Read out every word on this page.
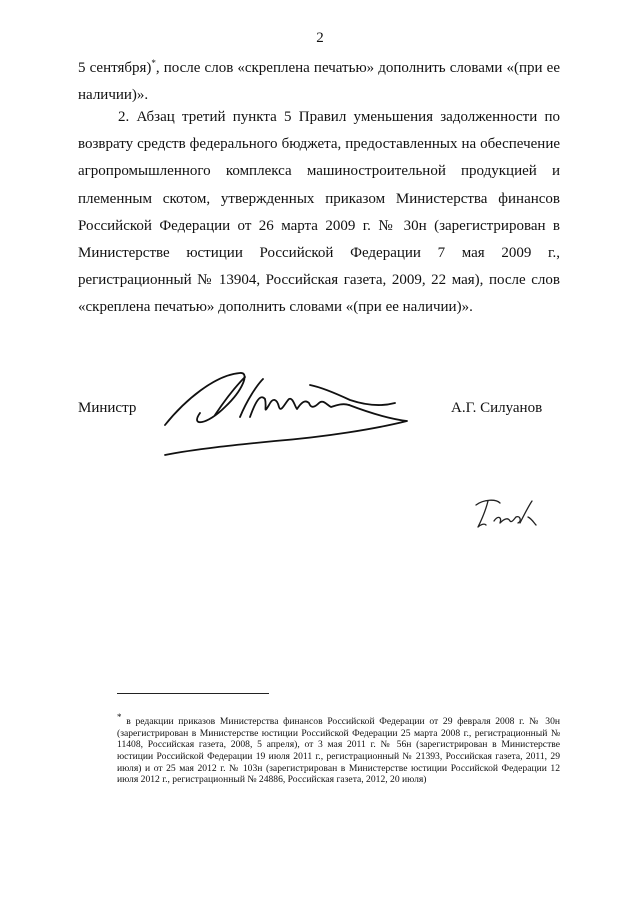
2
5 сентября)*, после слов «скреплена печатью» дополнить словами «(при ее наличии)».
2. Абзац третий пункта 5 Правил уменьшения задолженности по возврату средств федерального бюджета, предоставленных на обеспечение агропромышленного комплекса машиностроительной продукцией и племенным скотом, утвержденных приказом Министерства финансов Российской Федерации от 26 марта 2009 г. № 30н (зарегистрирован в Министерстве юстиции Российской Федерации 7 мая 2009 г., регистрационный № 13904, Российская газета, 2009, 22 мая), после слов «скреплена печатью» дополнить словами «(при ее наличии)».
Министр	А.Г. Силуанов
* в редакции приказов Министерства финансов Российской Федерации от 29 февраля 2008 г. № 30н (зарегистрирован в Министерстве юстиции Российской Федерации 25 марта 2008 г., регистрационный № 11408, Российская газета, 2008, 5 апреля), от 3 мая 2011 г. № 56н (зарегистрирован в Министерстве юстиции Российской Федерации 19 июля 2011 г., регистрационный № 21393, Российская газета, 2011, 29 июля) и от 25 мая 2012 г. № 103н (зарегистрирован в Министерстве юстиции Российской Федерации 12 июля 2012 г., регистрационный № 24886, Российская газета, 2012, 20 июля)
